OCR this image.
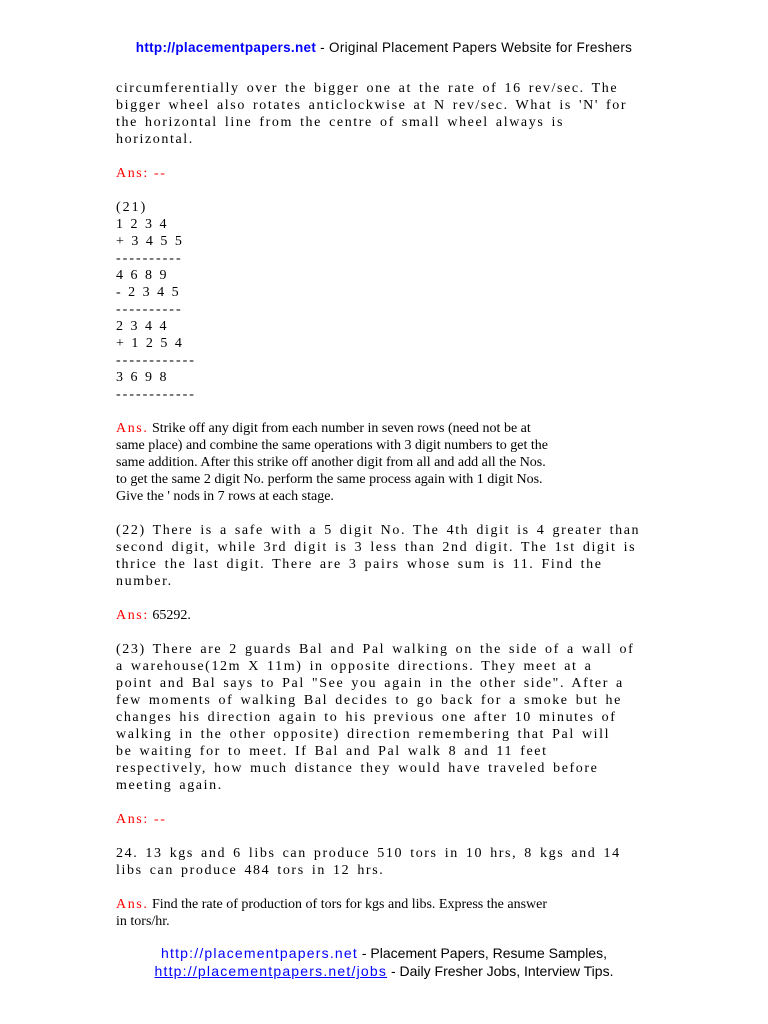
http://placementpapers.net - Original Placement Papers Website for Freshers
circumferentially over the bigger one at the rate of 16 rev/sec. The
bigger wheel also rotates anticlockwise at N rev/sec. What is 'N' for
the horizontal line from the centre of small wheel always is
horizontal.
Ans: --
(21)
1 2 3 4
+ 3 4 5 5
----------
4 6 8 9
- 2 3 4 5
----------
2 3 4 4
+ 1 2 5 4
------------
3 6 9 8
------------
Ans. Strike off any digit from each number in seven rows (need not be at
same place) and combine the same operations with 3 digit numbers to get the
same addition. After this strike off another digit from all and add all the Nos.
to get the same 2 digit No. perform the same process again with 1 digit Nos.
Give the ' nods in 7 rows at each stage.
(22) There is a safe with a 5 digit No. The 4th digit is 4 greater than
second digit, while 3rd digit is 3 less than 2nd digit. The 1st digit is
thrice the last digit. There are 3 pairs whose sum is 11. Find the
number.
Ans: 65292.
(23) There are 2 guards Bal and Pal walking on the side of a wall of
a warehouse(12m X 11m) in opposite directions. They meet at a
point and Bal says to Pal "See you again in the other side". After a
few moments of walking Bal decides to go back for a smoke but he
changes his direction again to his previous one after 10 minutes of
walking in the other opposite) direction remembering that Pal will
be waiting for to meet. If Bal and Pal walk 8 and 11 feet
respectively, how much distance they would have traveled before
meeting again.
Ans: --
24. 13 kgs and 6 libs can produce 510 tors in 10 hrs, 8 kgs and 14
libs can produce 484 tors in 12 hrs.
Ans. Find the rate of production of tors for kgs and libs. Express the answer
in tors/hr.
http://placementpapers.net - Placement Papers, Resume Samples,
http://placementpapers.net/jobs - Daily Fresher Jobs, Interview Tips.
